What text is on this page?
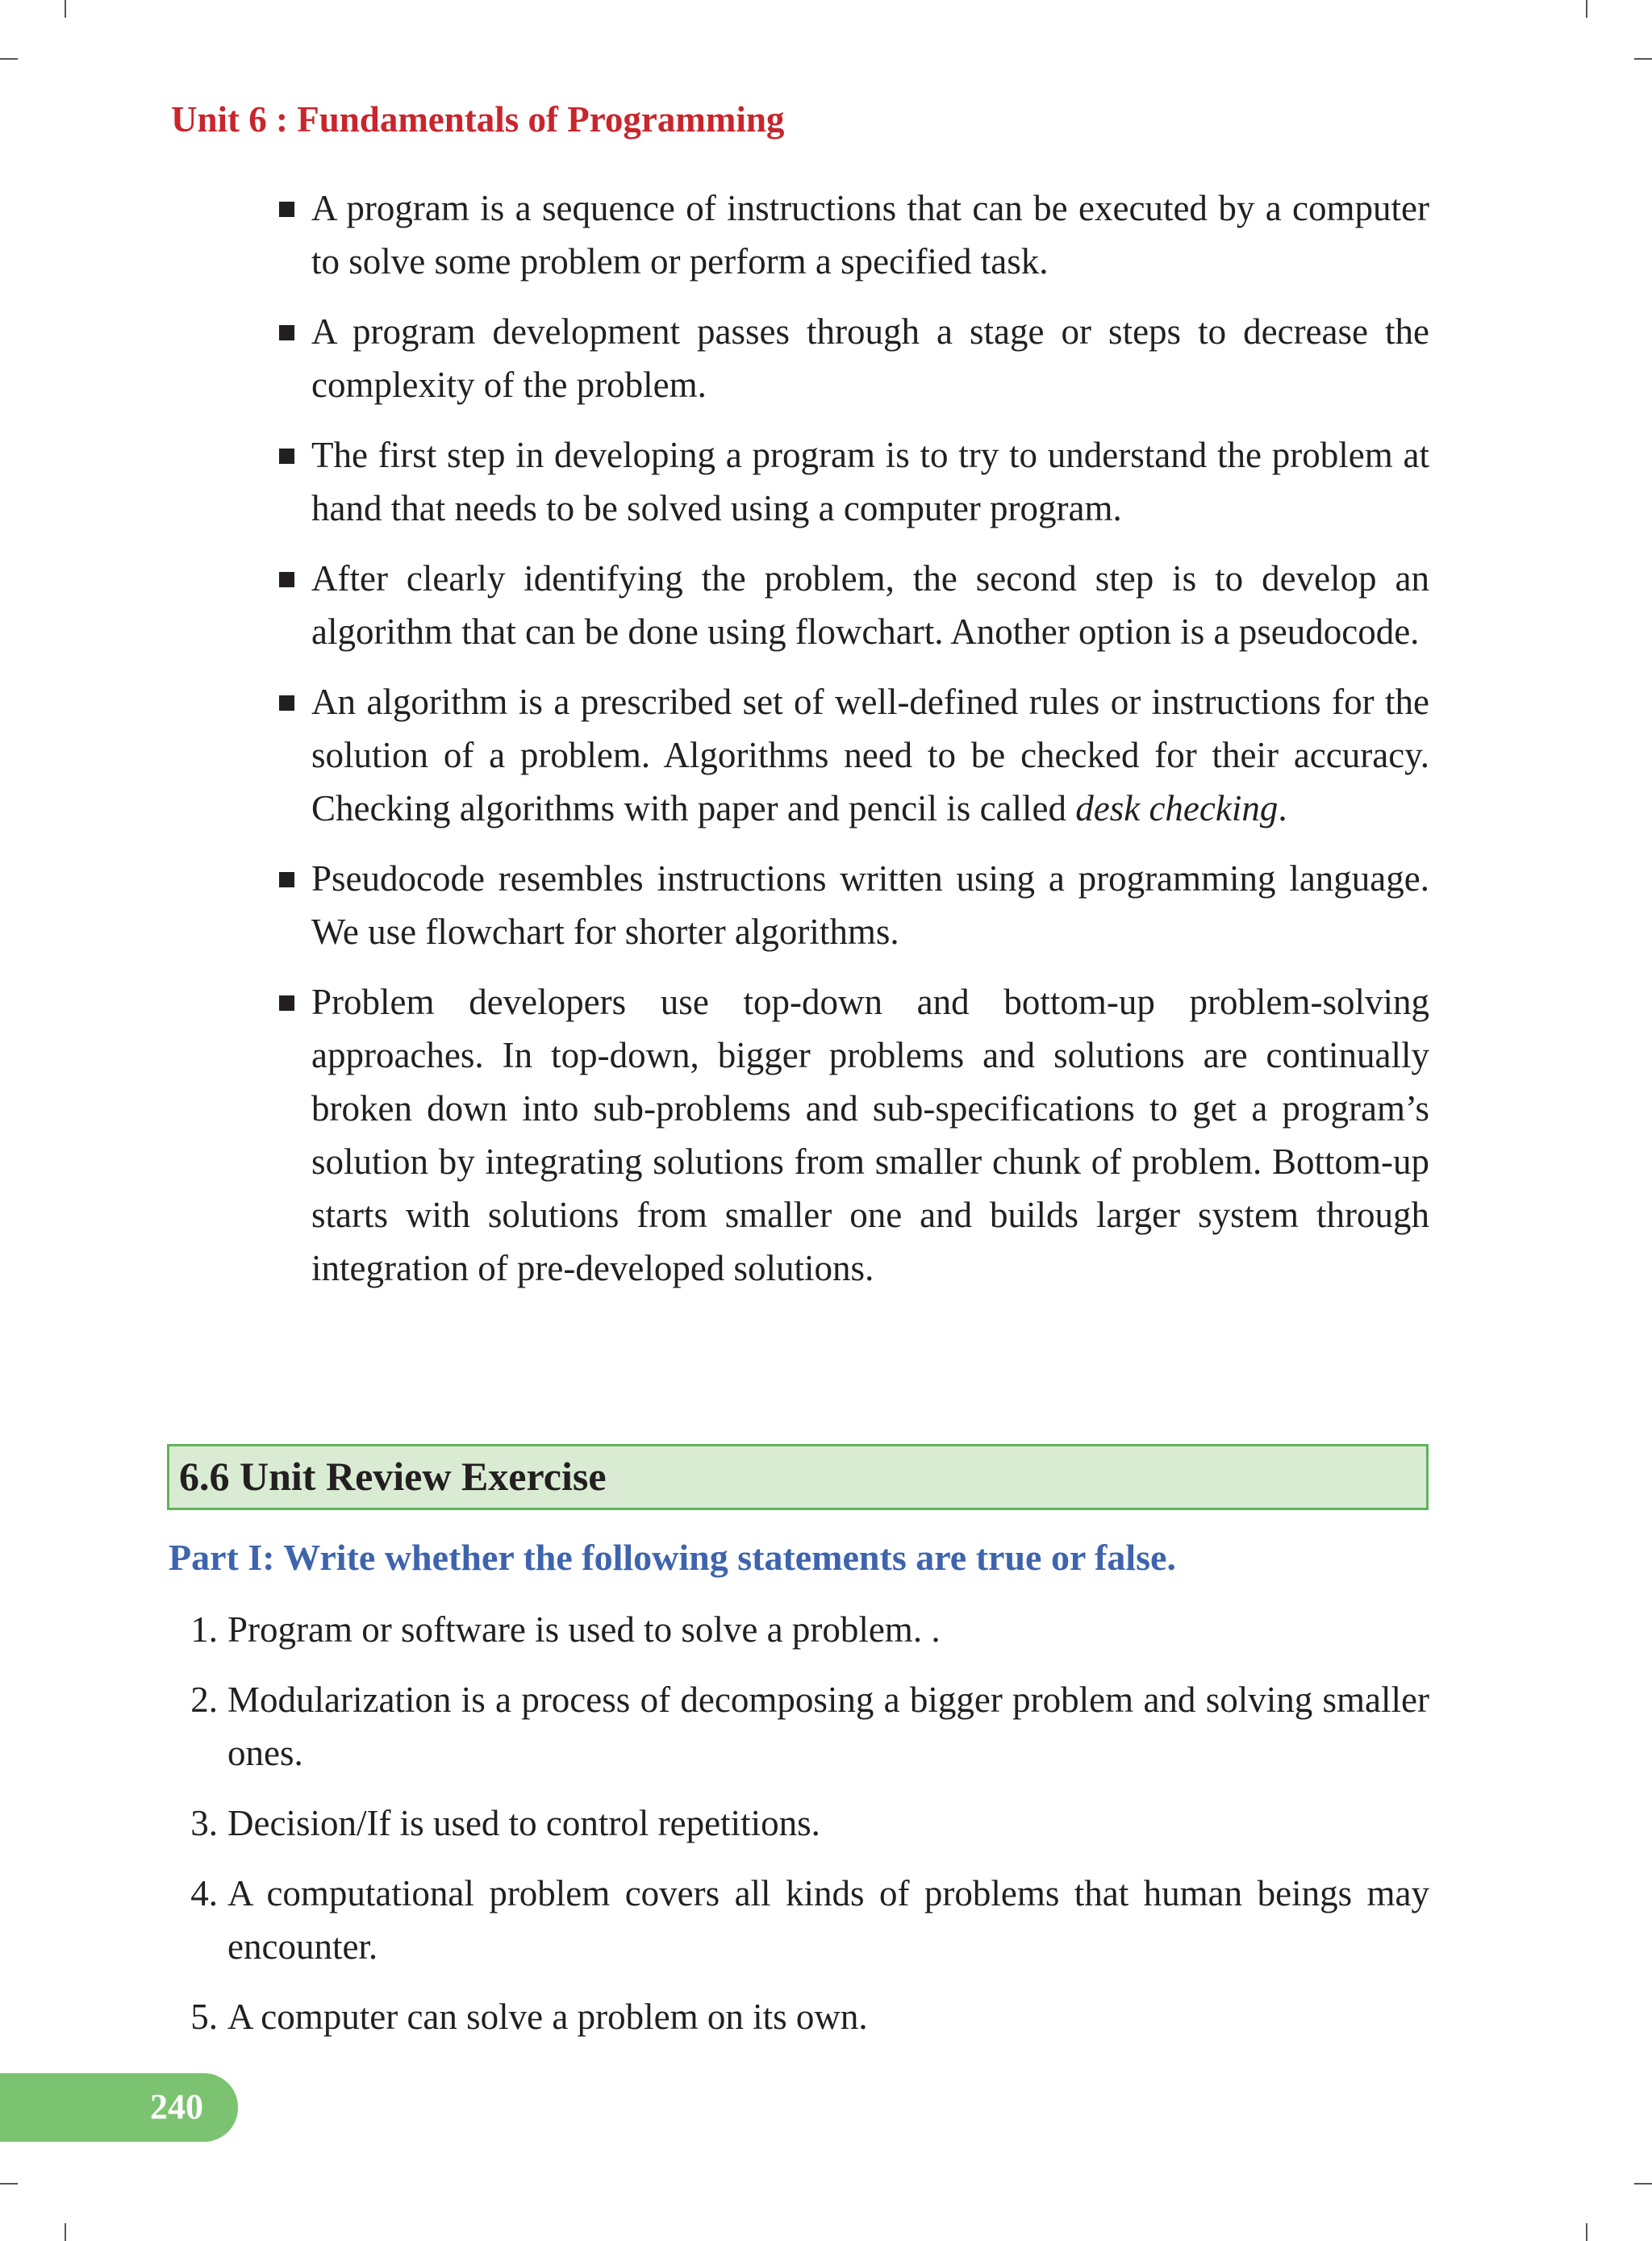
Unit 6 : Fundamentals of Programming
A program is a sequence of instructions that can be executed by a computer to solve some problem or perform a specified task.
A program development passes through a stage or steps to decrease the complexity of the problem.
The first step in developing a program is to try to understand the problem at hand that needs to be solved using a computer program.
After clearly identifying the problem, the second step is to develop an algorithm that can be done using flowchart. Another option is a pseudocode.
An algorithm is a prescribed set of well-defined rules or instructions for the solution of a problem. Algorithms need to be checked for their accuracy. Checking algorithms with paper and pencil is called desk checking.
Pseudocode resembles instructions written using a programming language. We use flowchart for shorter algorithms.
Problem developers use top-down and bottom-up problem-solving approaches. In top-down, bigger problems and solutions are continually broken down into sub-problems and sub-specifications to get a program’s solution by integrating solutions from smaller chunk of problem. Bottom-up starts with solutions from smaller one and builds larger system through integration of pre-developed solutions.
6.6 Unit Review Exercise
Part I: Write whether the following statements are true or false.
1. Program or software is used to solve a problem. .
2. Modularization is a process of decomposing a bigger problem and solving smaller ones.
3. Decision/If is used to control repetitions.
4. A computational problem covers all kinds of problems that human beings may encounter.
5. A computer can solve a problem on its own.
240
